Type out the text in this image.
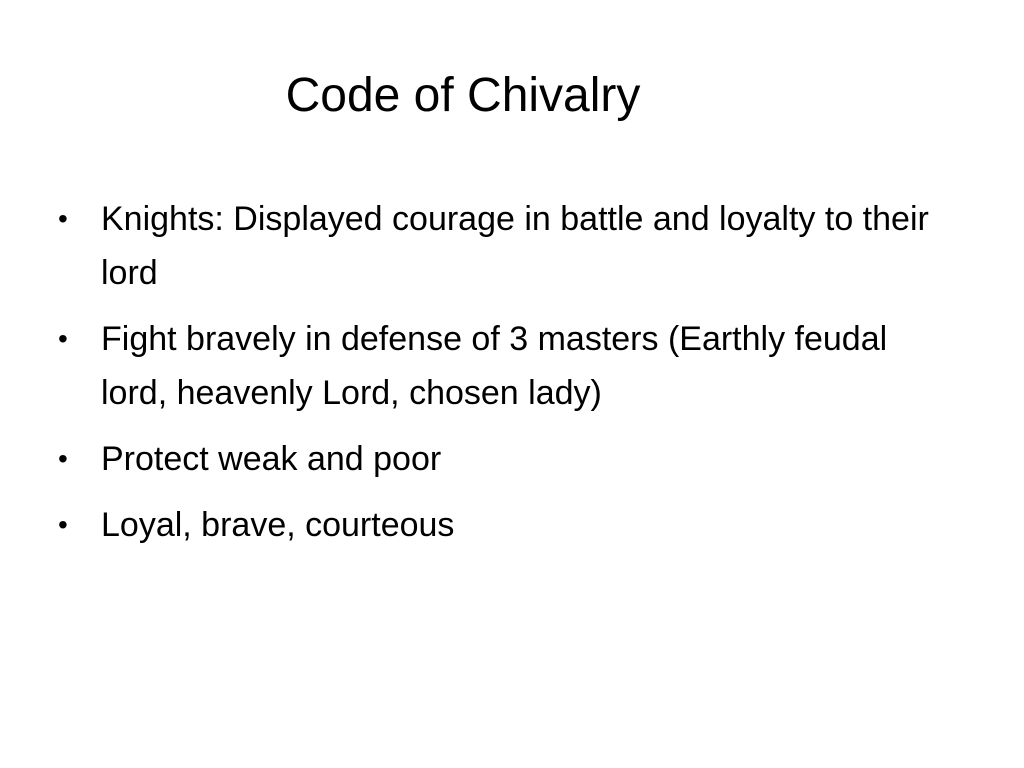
Code of Chivalry
• Knights: Displayed courage in battle and loyalty to their lord
• Fight bravely in defense of 3 masters (Earthly feudal lord, heavenly Lord, chosen lady)
• Protect weak and poor
• Loyal, brave, courteous
